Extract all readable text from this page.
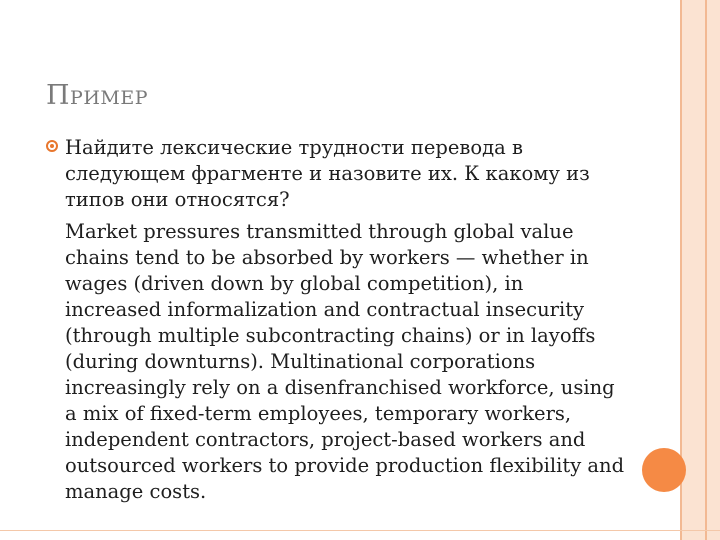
Пример

Найдите лексические трудности перевода в следующем фрагменте и назовите их. К какому из типов они относятся?

Market pressures transmitted through global value chains tend to be absorbed by workers — whether in wages (driven down by global competition), in increased informalization and contractual insecurity (through multiple subcontracting chains) or in layoffs (during downturns). Multinational corporations increasingly rely on a disenfranchised workforce, using a mix of fixed-term employees, temporary workers, independent contractors, project-based workers and outsourced workers to provide production flexibility and manage costs.
